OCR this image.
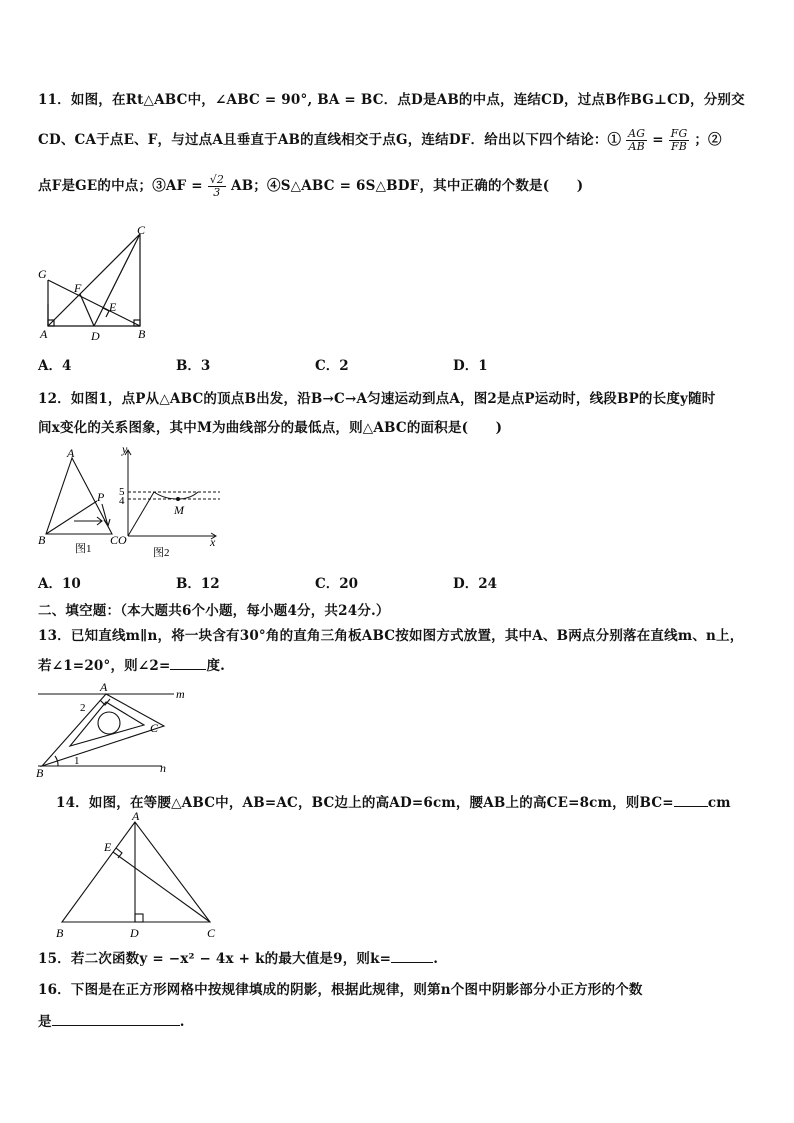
11．如图，在Rt△ABC中，∠ABC = 90°, BA = BC．点D是AB的中点，连结CD，过点B作BG⊥CD，分别交
CD、CA于点E、F，与过点A且垂直于AB的直线相交于点G，连结DF．给出以下四个结论：① $\frac{AG}{AB} = \frac{FG}{FB}$ ；②
点F是GE的中点；③AF = $\frac{√2}{3}$ AB；④S△ABC = 6S△BDF，其中正确的个数是(　　)
G
F
E
A	D	B
C
A．4	B．3	C．2	D．1
12．如图1，点P从△ABC的顶点B出发，沿B→C→A匀速运动到点A，图2是点P运动时，线段BP的长度y随时
间x变化的关系图象，其中M为曲线部分的最低点，则△ABC的面积是(　　)
A
P
B	C
图1
y
5
4
M
O	x
图2
A．10	B．12	C．20	D．24
二、填空题：（本大题共6个小题，每小题4分，共24分.）
13．已知直线m∥n，将一块含有30°角的直角三角板ABC按如图方式放置，其中A、B两点分别落在直线m、n上，
若∠1=20°，则∠2=	度.
A
2
m
C
B
1	n
14．如图，在等腰△ABC中，AB=AC，BC边上的高AD=6cm，腰AB上的高CE=8cm，则BC=	cm
A
E
B	D	C
15．若二次函数y = −x² − 4x + k的最大值是9，则k=	.
16．下图是在正方形网格中按规律填成的阴影，根据此规律，则第n个图中阴影部分小正方形的个数
是	.
